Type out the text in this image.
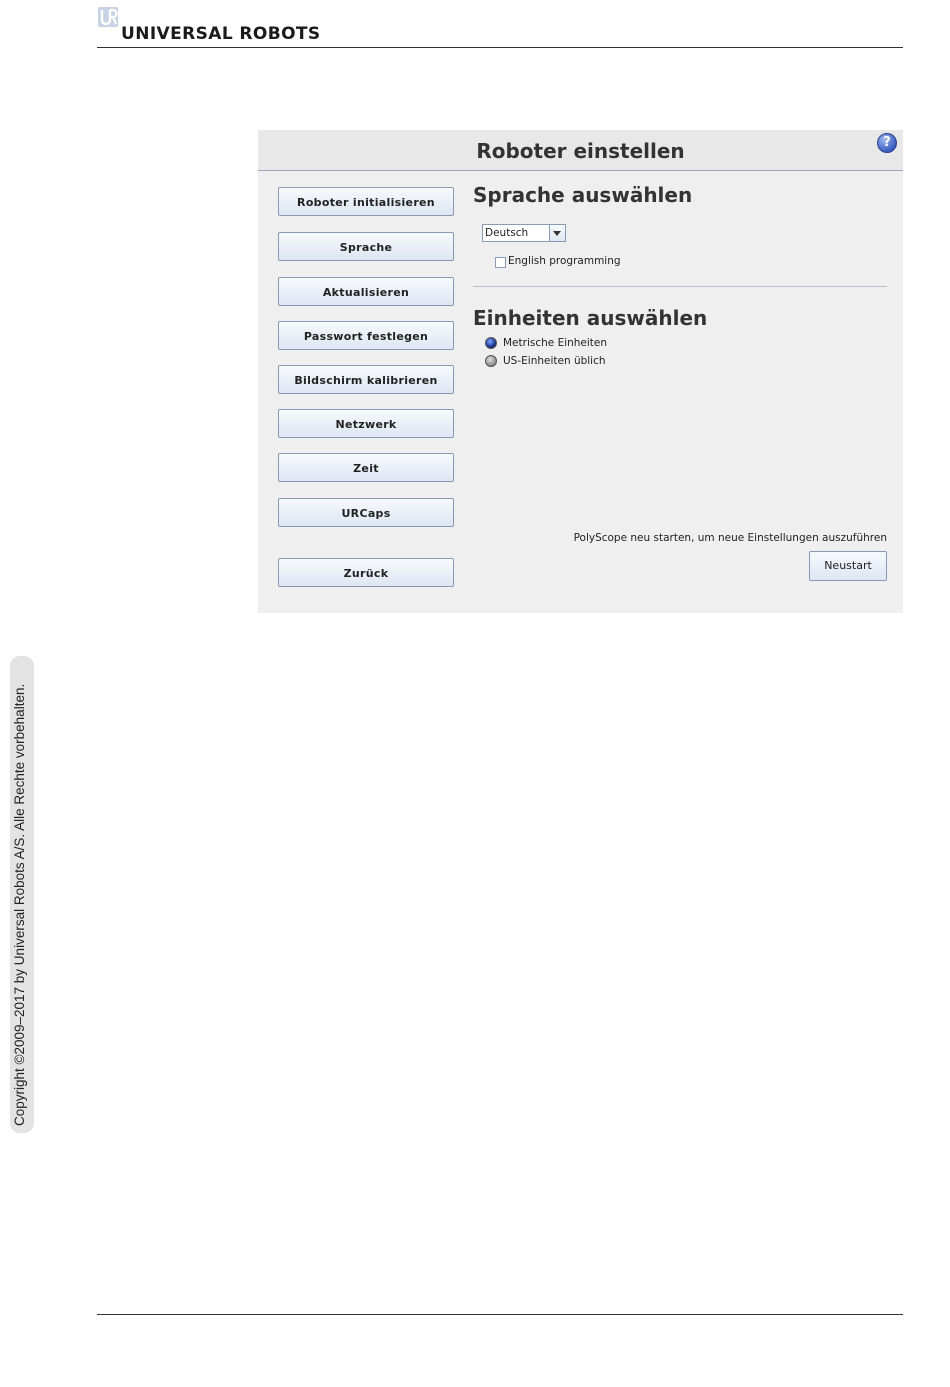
UNIVERSAL ROBOTS
Copyright ©2009–2017 by Universal Robots A/S. Alle Rechte vorbehalten.
Roboter einstellen	?
Roboter initialisieren
Sprache
Aktualisieren
Passwort festlegen
Bildschirm kalibrieren
Netzwerk
Zeit
URCaps
Zurück
Sprache auswählen
Deutsch
English programming
Einheiten auswählen
Metrische Einheiten
US-Einheiten üblich
PolyScope neu starten, um neue Einstellungen auszuführen
Neustart
